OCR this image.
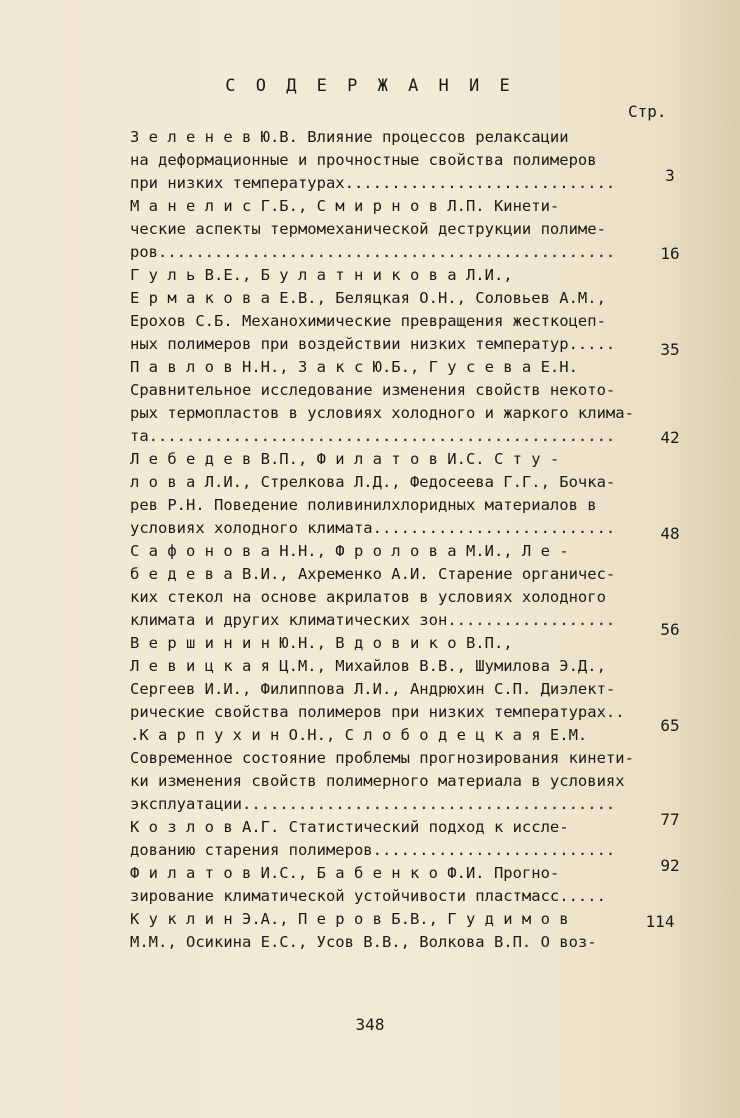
С О Д Е Р Ж А Н И Е
Стр.
З е л е н е в Ю.В. Влияние процессов релаксации
на деформационные и прочностные свойства полимеров
при низких температурах.............................
М а н е л и с Г.Б., С м и р н о в Л.П. Кинети-
ческие аспекты термомеханической деструкции полиме-
ров.................................................
Г у л ь В.Е., Б у л а т н и к о в а Л.И.,
Е р м а к о в а Е.В., Беляцкая О.Н., Соловьев А.М.,
Ерохов С.Б. Механохимические превращения жесткоцеп-
ных полимеров при воздействии низких температур.....
П а в л о в Н.Н., З а к с Ю.Б., Г у с е в а Е.Н.
Сравнительное исследование изменения свойств некото-
рых термопластов в условиях холодного и жаркого клима-
та..................................................
Л е б е д е в В.П., Ф и л а т о в И.С. С т у -
л о в а Л.И., Стрелкова Л.Д., Федосеева Г.Г., Бочка-
рев Р.Н. Поведение поливинилхлоридных материалов в
условиях холодного климата..........................
С а ф о н о в а Н.Н., Ф р о л о в а М.И., Л е -
б е д е в а В.И., Ахременко А.И. Старение органичес-
ких стекол на основе акрилатов в условиях холодного
климата и других климатических зон..................
В е р ш и н и н Ю.Н., В д о в и к о В.П.,
Л е в и ц к а я Ц.М., Михайлов В.В., Шумилова Э.Д.,
Сергеев И.И., Филиппова Л.И., Андрюхин С.П. Диэлект-
рические свойства полимеров при низких температурах..
.К а р п у х и н О.Н., С л о б о д е ц к а я Е.М.
Современное состояние проблемы прогнозирования кинети-
ки изменения свойств полимерного материала в условиях
эксплуатации........................................
К о з л о в А.Г. Статистический подход к иссле-
дованию старения полимеров..........................
Ф и л а т о в И.С., Б а б е н к о Ф.И. Прогно-
зирование климатической устойчивости пластмасс.....
К у к л и н Э.А., П е р о в Б.В., Г у д и м о в
М.М., Осикина Е.С., Усов В.В., Волкова В.П. О воз-
3
16
35
42
48
56
65
77
92
114
348
